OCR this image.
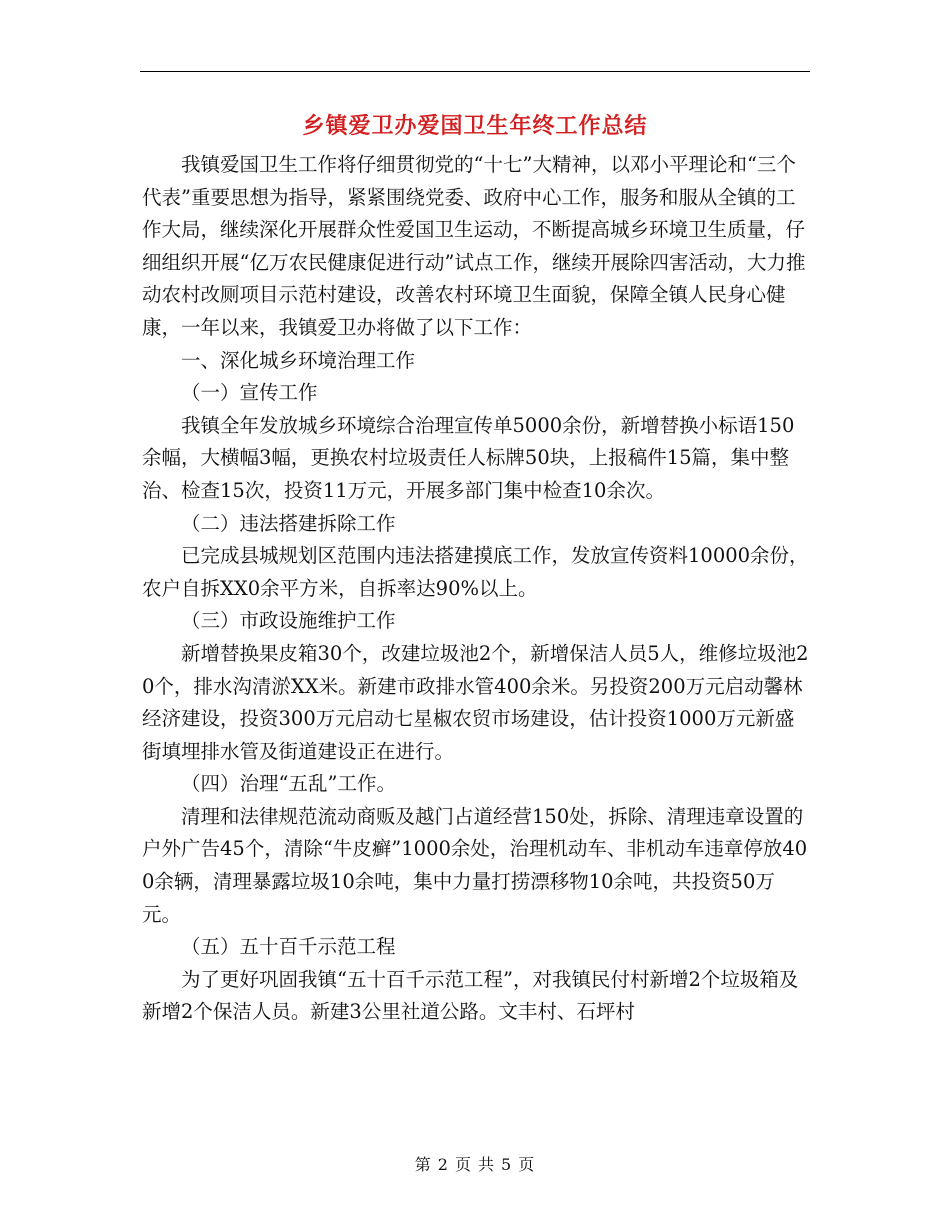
乡镇爱卫办爱国卫生年终工作总结

我镇爱国卫生工作将仔细贯彻党的“十七”大精神，以邓小平理论和“三个代表”重要思想为指导，紧紧围绕党委、政府中心工作，服务和服从全镇的工作大局，继续深化开展群众性爱国卫生运动，不断提高城乡环境卫生质量，仔细组织开展“亿万农民健康促进行动”试点工作，继续开展除四害活动，大力推动农村改厕项目示范村建设，改善农村环境卫生面貌，保障全镇人民身心健康，一年以来，我镇爱卫办将做了以下工作：

一、深化城乡环境治理工作

（一）宣传工作

我镇全年发放城乡环境综合治理宣传单5000余份，新增替换小标语150余幅，大横幅3幅，更换农村垃圾责任人标牌50块，上报稿件15篇，集中整治、检查15次，投资11万元，开展多部门集中检查10余次。

（二）违法搭建拆除工作

已完成县城规划区范围内违法搭建摸底工作，发放宣传资料10000余份，农户自拆XX0余平方米，自拆率达90%以上。

（三）市政设施维护工作

新增替换果皮箱30个，改建垃圾池2个，新增保洁人员5人，维修垃圾池20个，排水沟清淤XX米。新建市政排水管400余米。另投资200万元启动馨林经济建设，投资300万元启动七星椒农贸市场建设，估计投资1000万元新盛街填埋排水管及街道建设正在进行。

（四）治理“五乱”工作。

清理和法律规范流动商贩及越门占道经营150处，拆除、清理违章设置的户外广告45个，清除“牛皮癣”1000余处，治理机动车、非机动车违章停放400余辆，清理暴露垃圾10余吨，集中力量打捞漂移物10余吨，共投资50万元。

（五）五十百千示范工程

为了更好巩固我镇“五十百千示范工程”，对我镇民付村新增2个垃圾箱及新增2个保洁人员。新建3公里社道公路。文丰村、石坪村

第 2 页 共 5 页
